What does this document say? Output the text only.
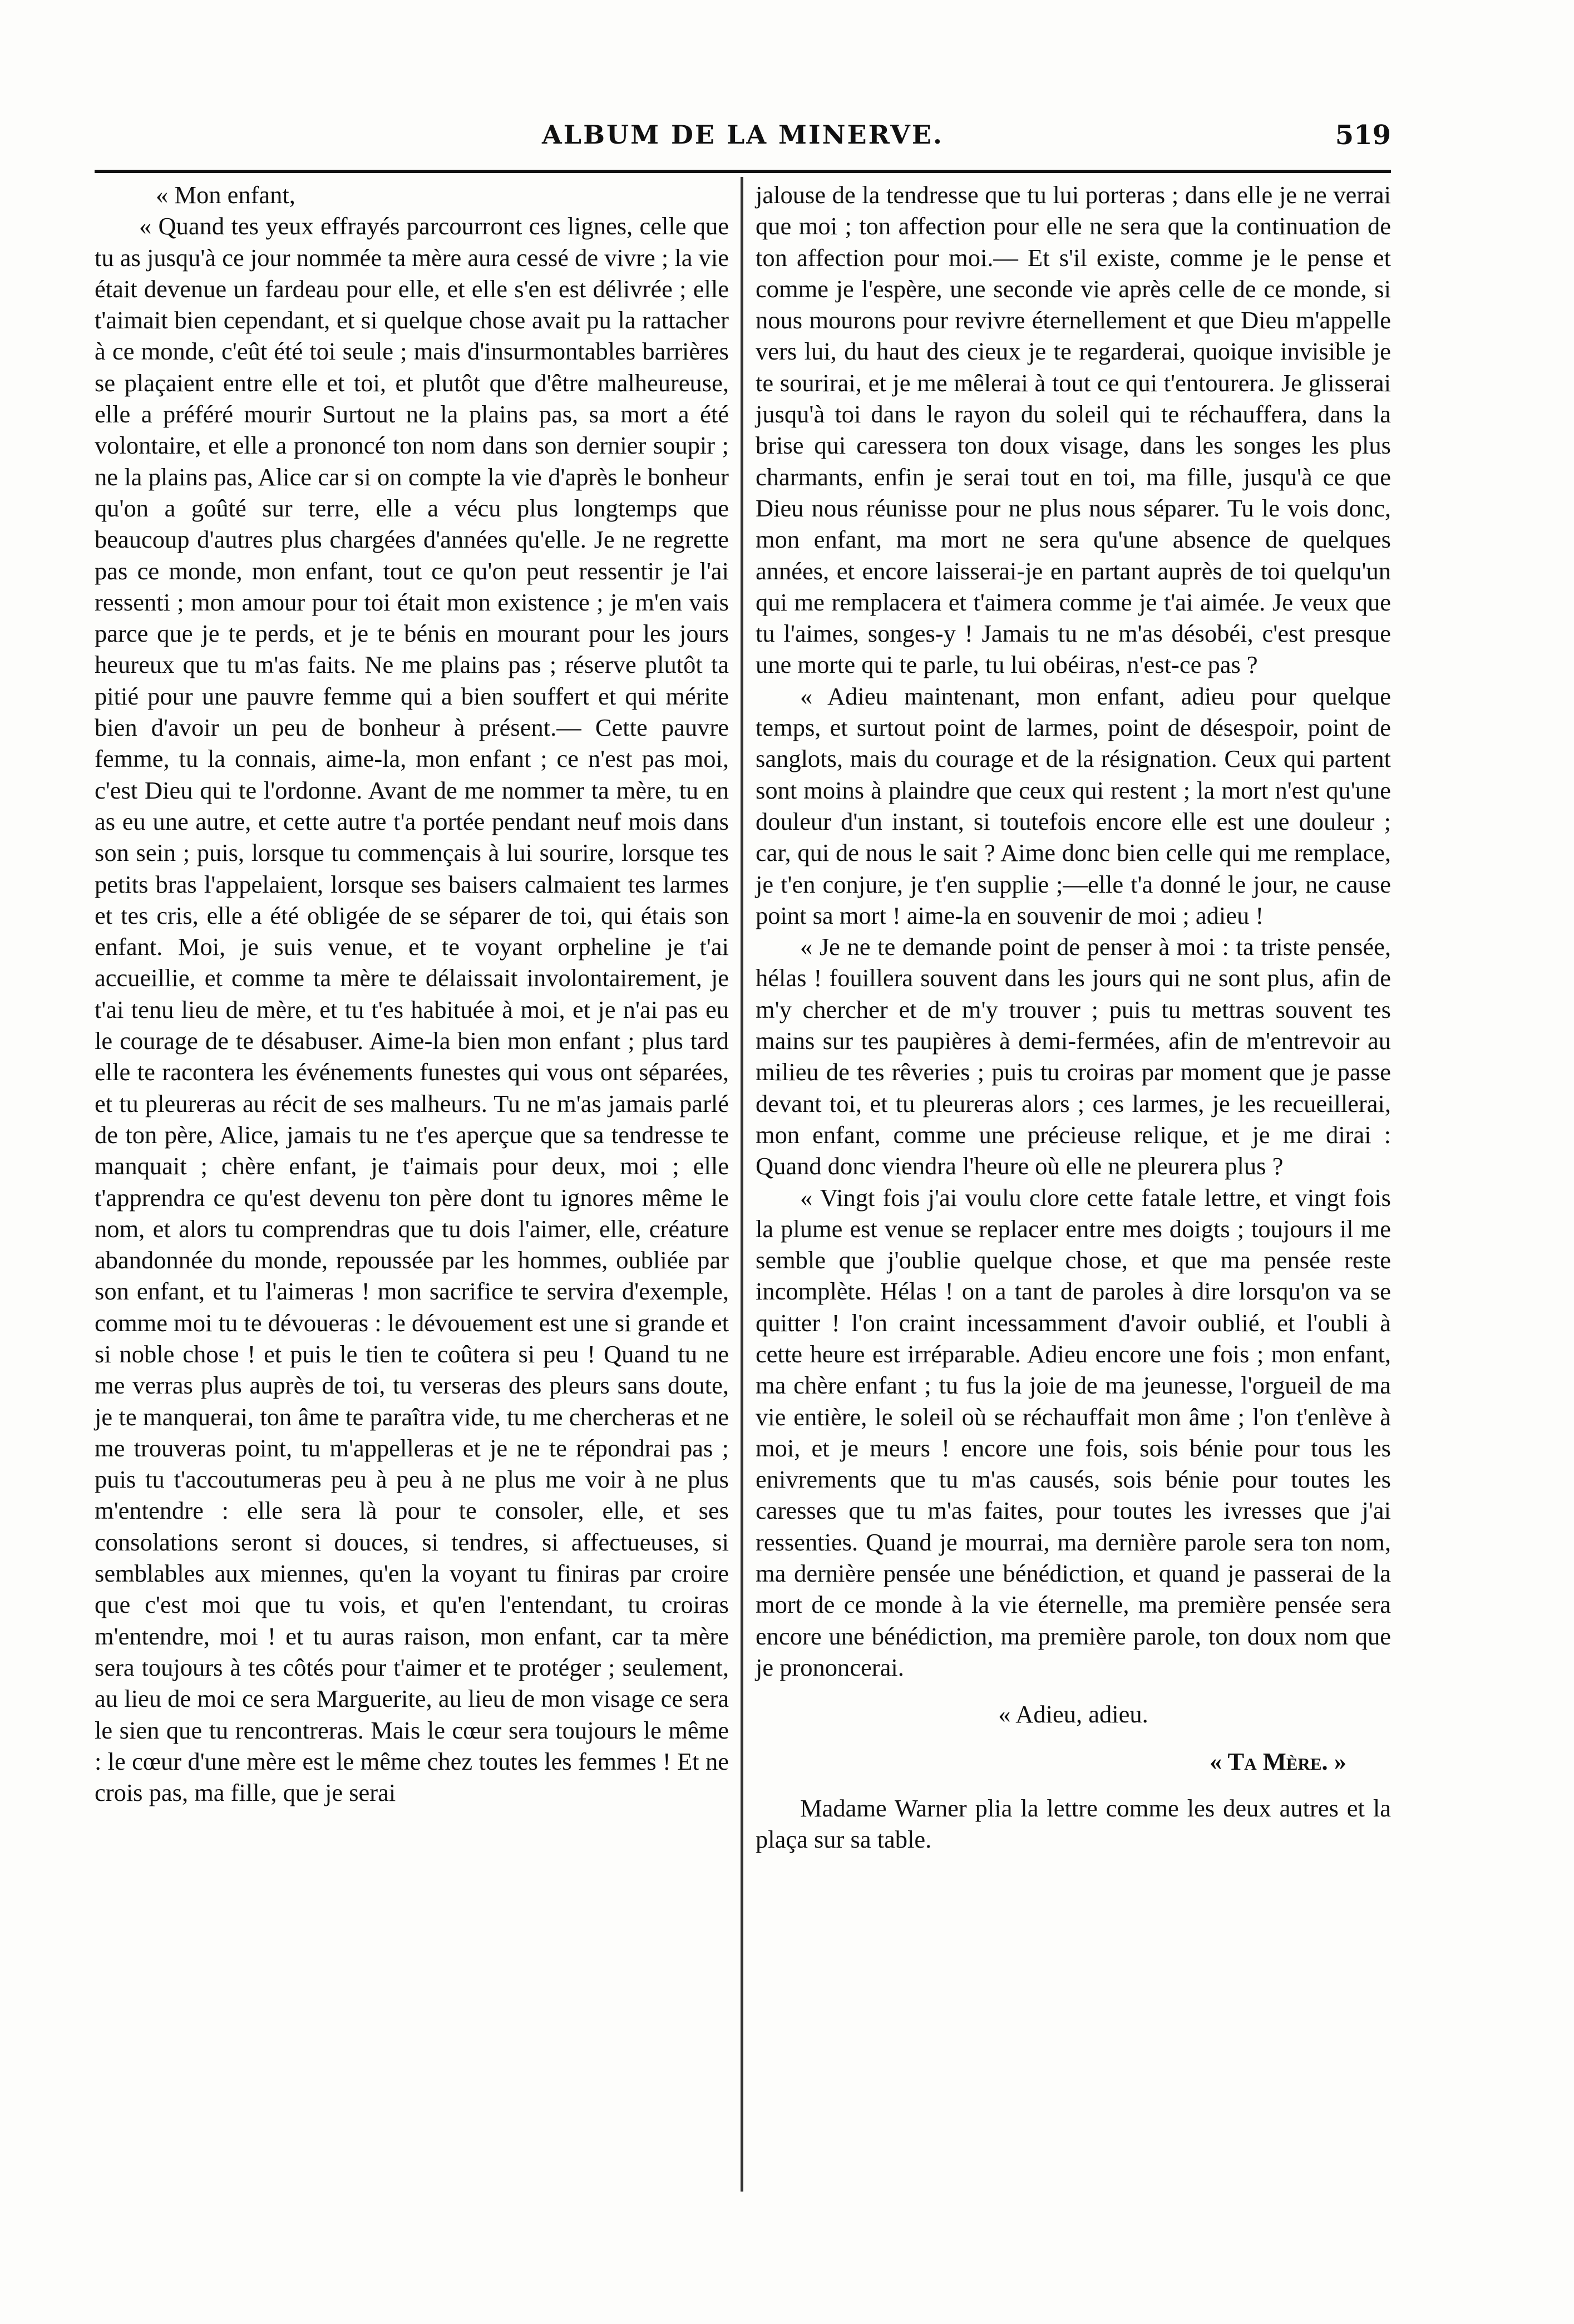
ALBUM DE LA MINERVE.	519

« Mon enfant,

« Quand tes yeux effrayés parcourront ces lignes, celle que tu as jusqu'à ce jour nommée ta mère aura cessé de vivre ; la vie était devenue un fardeau pour elle, et elle s'en est délivrée ; elle t'aimait bien cependant, et si quelque chose avait pu la rattacher à ce monde, c'eût été toi seule ; mais d'insurmontables barrières se plaçaient entre elle et toi, et plutôt que d'être malheureuse, elle a préféré mourir Surtout ne la plains pas, sa mort a été volontaire, et elle a prononcé ton nom dans son dernier soupir ; ne la plains pas, Alice car si on compte la vie d'après le bonheur qu'on a goûté sur terre, elle a vécu plus longtemps que beaucoup d'autres plus chargées d'années qu'elle. Je ne regrette pas ce monde, mon enfant, tout ce qu'on peut ressentir je l'ai ressenti ; mon amour pour toi était mon existence ; je m'en vais parce que je te perds, et je te bénis en mourant pour les jours heureux que tu m'as faits. Ne me plains pas ; réserve plutôt ta pitié pour une pauvre femme qui a bien souffert et qui mérite bien d'avoir un peu de bonheur à présent.— Cette pauvre femme, tu la connais, aime-la, mon enfant ; ce n'est pas moi, c'est Dieu qui te l'ordonne. Avant de me nommer ta mère, tu en as eu une autre, et cette autre t'a portée pendant neuf mois dans son sein ; puis, lorsque tu commençais à lui sourire, lorsque tes petits bras l'appelaient, lorsque ses baisers calmaient tes larmes et tes cris, elle a été obligée de se séparer de toi, qui étais son enfant. Moi, je suis venue, et te voyant orpheline je t'ai accueillie, et comme ta mère te délaissait involontairement, je t'ai tenu lieu de mère, et tu t'es habituée à moi, et je n'ai pas eu le courage de te désabuser. Aime-la bien mon enfant ; plus tard elle te racontera les événements funestes qui vous ont séparées, et tu pleureras au récit de ses malheurs. Tu ne m'as jamais parlé de ton père, Alice, jamais tu ne t'es aperçue que sa tendresse te manquait ; chère enfant, je t'aimais pour deux, moi ; elle t'apprendra ce qu'est devenu ton père dont tu ignores même le nom, et alors tu comprendras que tu dois l'aimer, elle, créature abandonnée du monde, repoussée par les hommes, oubliée par son enfant, et tu l'aimeras ! mon sacrifice te servira d'exemple, comme moi tu te dévoueras : le dévouement est une si grande et si noble chose ! et puis le tien te coûtera si peu ! Quand tu ne me verras plus auprès de toi, tu verseras des pleurs sans doute, je te manquerai, ton âme te paraîtra vide, tu me chercheras et ne me trouveras point, tu m'appelleras et je ne te répondrai pas ; puis tu t'accoutumeras peu à peu à ne plus me voir à ne plus m'entendre : elle sera là pour te consoler, elle, et ses consolations seront si douces, si tendres, si affectueuses, si semblables aux miennes, qu'en la voyant tu finiras par croire que c'est moi que tu vois, et qu'en l'entendant, tu croiras m'entendre, moi ! et tu auras raison, mon enfant, car ta mère sera toujours à tes côtés pour t'aimer et te protéger ; seulement, au lieu de moi ce sera Marguerite, au lieu de mon visage ce sera le sien que tu rencontreras. Mais le cœur sera toujours le même : le cœur d'une mère est le même chez toutes les femmes ! Et ne crois pas, ma fille, que je serai

jalouse de la tendresse que tu lui porteras ; dans elle je ne verrai que moi ; ton affection pour elle ne sera que la continuation de ton affection pour moi.— Et s'il existe, comme je le pense et comme je l'espère, une seconde vie après celle de ce monde, si nous mourons pour revivre éternellement et que Dieu m'appelle vers lui, du haut des cieux je te regarderai, quoique invisible je te sourirai, et je me mêlerai à tout ce qui t'entourera. Je glisserai jusqu'à toi dans le rayon du soleil qui te réchauffera, dans la brise qui caressera ton doux visage, dans les songes les plus charmants, enfin je serai tout en toi, ma fille, jusqu'à ce que Dieu nous réunisse pour ne plus nous séparer. Tu le vois donc, mon enfant, ma mort ne sera qu'une absence de quelques années, et encore laisserai-je en partant auprès de toi quelqu'un qui me remplacera et t'aimera comme je t'ai aimée. Je veux que tu l'aimes, songes-y ! Jamais tu ne m'as désobéi, c'est presque une morte qui te parle, tu lui obéiras, n'est-ce pas ?

« Adieu maintenant, mon enfant, adieu pour quelque temps, et surtout point de larmes, point de désespoir, point de sanglots, mais du courage et de la résignation. Ceux qui partent sont moins à plaindre que ceux qui restent ; la mort n'est qu'une douleur d'un instant, si toutefois encore elle est une douleur ; car, qui de nous le sait ? Aime donc bien celle qui me remplace, je t'en conjure, je t'en supplie ;—elle t'a donné le jour, ne cause point sa mort ! aime-la en souvenir de moi ; adieu !

« Je ne te demande point de penser à moi : ta triste pensée, hélas ! fouillera souvent dans les jours qui ne sont plus, afin de m'y chercher et de m'y trouver ; puis tu mettras souvent tes mains sur tes paupières à demi-fermées, afin de m'entrevoir au milieu de tes rêveries ; puis tu croiras par moment que je passe devant toi, et tu pleureras alors ; ces larmes, je les recueillerai, mon enfant, comme une précieuse relique, et je me dirai : Quand donc viendra l'heure où elle ne pleurera plus ?

« Vingt fois j'ai voulu clore cette fatale lettre, et vingt fois la plume est venue se replacer entre mes doigts ; toujours il me semble que j'oublie quelque chose, et que ma pensée reste incomplète. Hélas ! on a tant de paroles à dire lorsqu'on va se quitter ! l'on craint incessamment d'avoir oublié, et l'oubli à cette heure est irréparable. Adieu encore une fois ; mon enfant, ma chère enfant ; tu fus la joie de ma jeunesse, l'orgueil de ma vie entière, le soleil où se réchauffait mon âme ; l'on t'enlève à moi, et je meurs ! encore une fois, sois bénie pour tous les enivrements que tu m'as causés, sois bénie pour toutes les caresses que tu m'as faites, pour toutes les ivresses que j'ai ressenties. Quand je mourrai, ma dernière parole sera ton nom, ma dernière pensée une bénédiction, et quand je passerai de la mort de ce monde à la vie éternelle, ma première pensée sera encore une bénédiction, ma première parole, ton doux nom que je prononcerai.

« Adieu, adieu.

« Ta Mère. »

Madame Warner plia la lettre comme les deux autres et la plaça sur sa table.
